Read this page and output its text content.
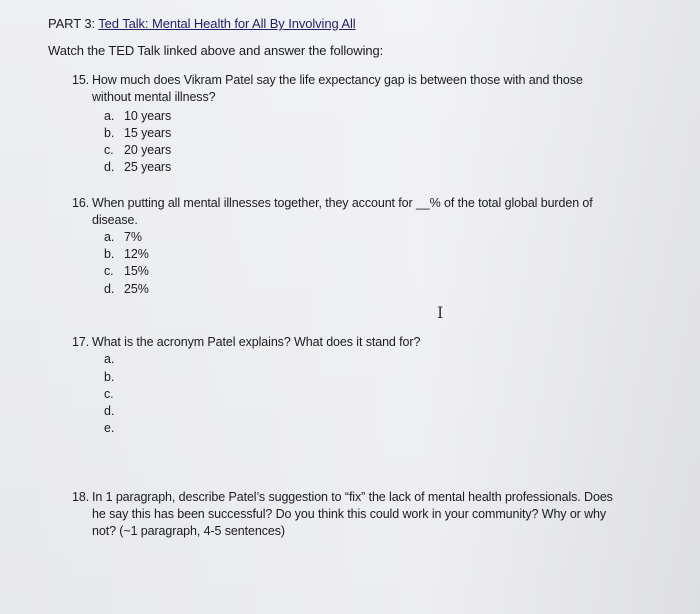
PART 3: Ted Talk: Mental Health for All By Involving All
Watch the TED Talk linked above and answer the following:
15. How much does Vikram Patel say the life expectancy gap is between those with and those
without mental illness?
a. 10 years
b. 15 years
c. 20 years
d. 25 years
16. When putting all mental illnesses together, they account for __% of the total global burden of
disease.
a. 7%
b. 12%
c. 15%
d. 25%
I
17. What is the acronym Patel explains? What does it stand for?
a.
b.
c.
d.
e.
18. In 1 paragraph, describe Patel’s suggestion to “fix” the lack of mental health professionals. Does
he say this has been successful? Do you think this could work in your community? Why or why
not? (~1 paragraph, 4-5 sentences)
